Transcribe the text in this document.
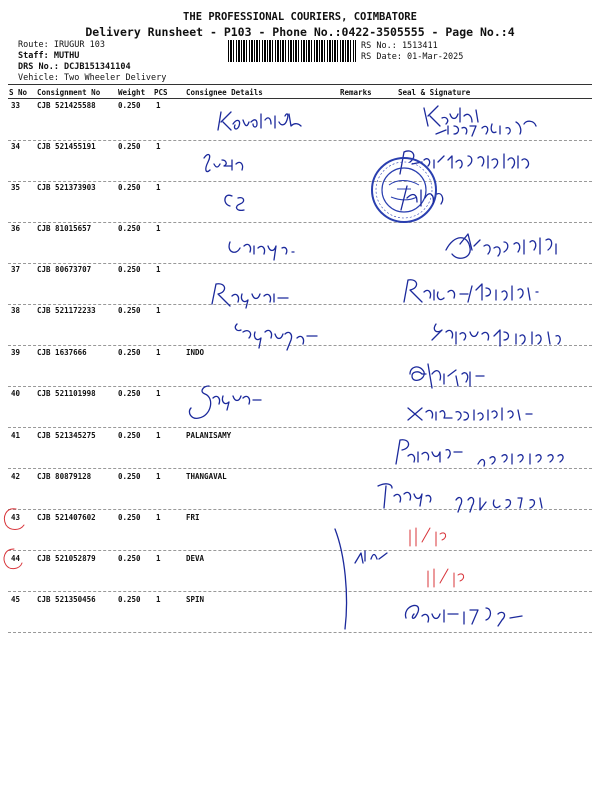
THE PROFESSIONAL COURIERS, COIMBATORE
Delivery Runsheet - P103 - Phone No.:0422-3505555 - Page No.:4
Route: IRUGUR 103
Staff: MUTHU
DRS No.: DCJB151341104
Vehicle: Two Wheeler Delivery
RS No.: 1513411
RS Date: 01-Mar-2025
S No Consignment No Weight PCS Consignee Details	Remarks	Seal & Signature
33 CJB 521425588	0.250 1
34 CJB 521455191	0.250 1
35 CJB 521373903	0.250 1
36 CJB 81015657	0.250 1
37 CJB 80673707	0.250 1
38 CJB 521172233	0.250 1
39 CJB 1637666	0.250 1	INDO
40 CJB 521101998	0.250 1
41 CJB 521345275	0.250 1	PALANISAMY
42 CJB 80879128	0.250 1	THANGAVAL
43 CJB 521407602	0.250 1	FRI
44 CJB 521052879	0.250 1	DEVA
45 CJB 521350456	0.250 1	SPIN
